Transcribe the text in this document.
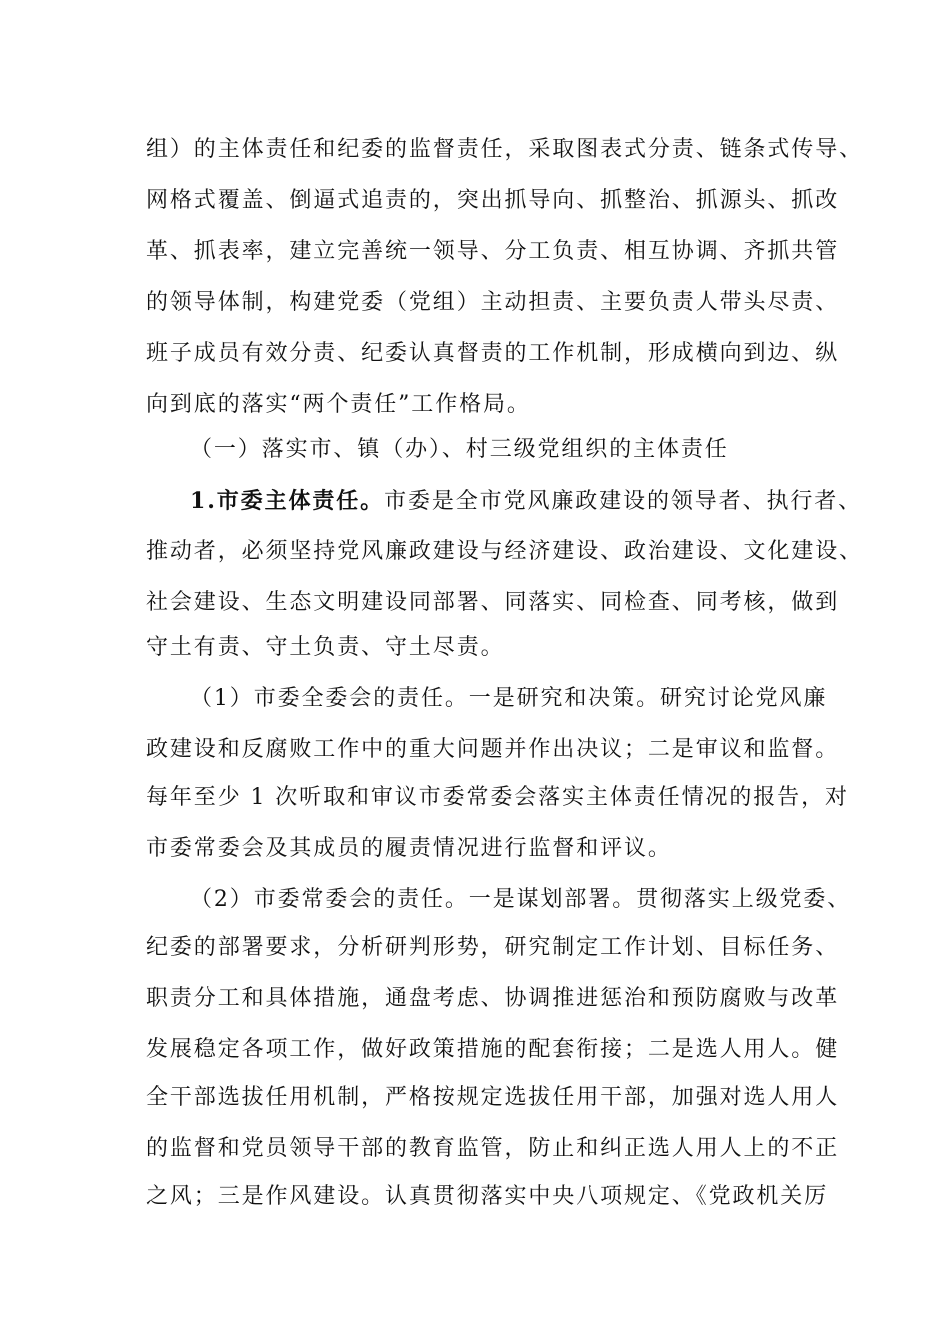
组）的主体责任和纪委的监督责任，采取图表式分责、链条式传导、
网格式覆盖、倒逼式追责的，突出抓导向、抓整治、抓源头、抓改
革、抓表率，建立完善统一领导、分工负责、相互协调、齐抓共管
的领导体制，构建党委（党组）主动担责、主要负责人带头尽责、
班子成员有效分责、纪委认真督责的工作机制，形成横向到边、纵
向到底的落实“两个责任”工作格局。
（一）落实市、镇（办）、村三级党组织的主体责任
1.市委主体责任。市委是全市党风廉政建设的领导者、执行者、
推动者，必须坚持党风廉政建设与经济建设、政治建设、文化建设、
社会建设、生态文明建设同部署、同落实、同检查、同考核，做到
守土有责、守土负责、守土尽责。
（1）市委全委会的责任。一是研究和决策。研究讨论党风廉
政建设和反腐败工作中的重大问题并作出决议；二是审议和监督。
每年至少 1 次听取和审议市委常委会落实主体责任情况的报告，对
市委常委会及其成员的履责情况进行监督和评议。
（2）市委常委会的责任。一是谋划部署。贯彻落实上级党委、
纪委的部署要求，分析研判形势，研究制定工作计划、目标任务、
职责分工和具体措施，通盘考虑、协调推进惩治和预防腐败与改革
发展稳定各项工作，做好政策措施的配套衔接；二是选人用人。健
全干部选拔任用机制，严格按规定选拔任用干部，加强对选人用人
的监督和党员领导干部的教育监管，防止和纠正选人用人上的不正
之风；三是作风建设。认真贯彻落实中央八项规定、《党政机关厉
